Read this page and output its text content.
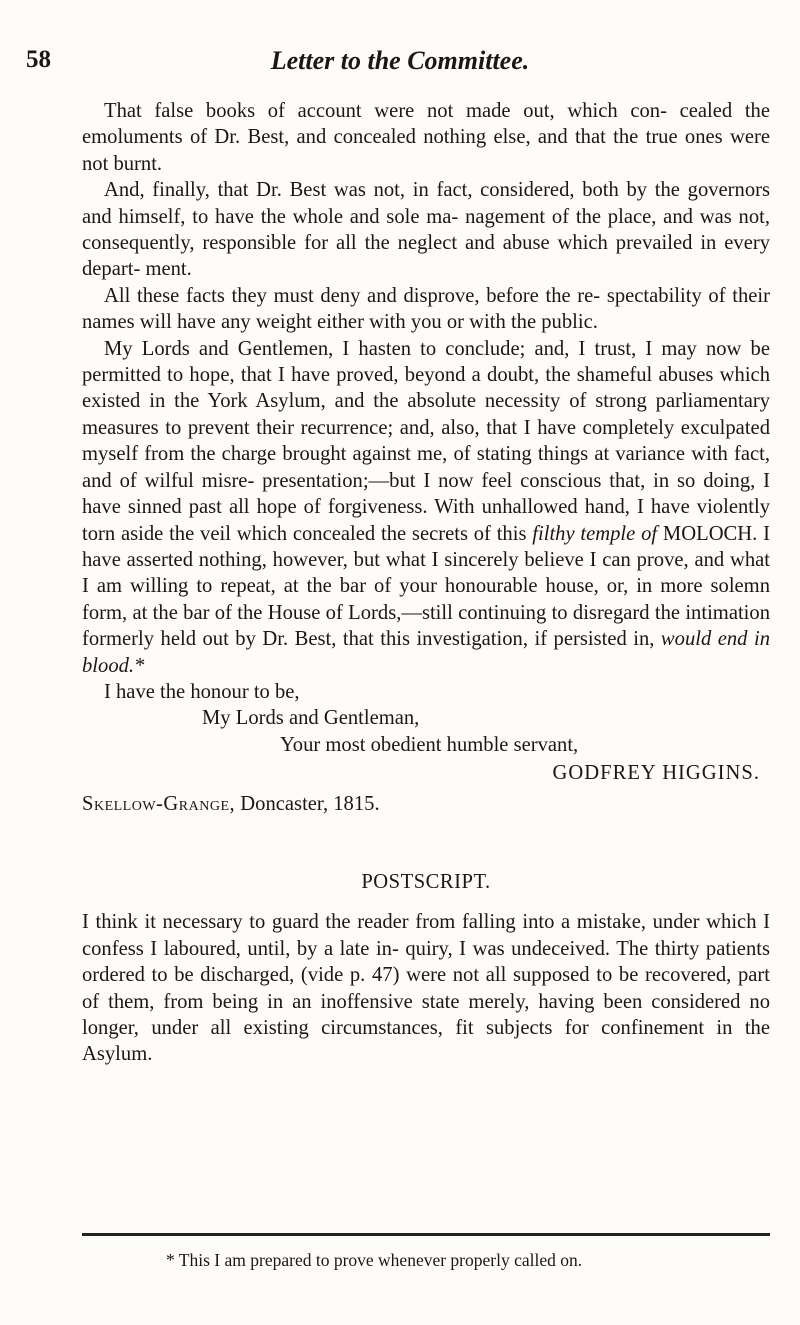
58	Letter to the Committee.

That false books of account were not made out, which con- cealed the emoluments of Dr. Best, and concealed nothing else, and that the true ones were not burnt.

And, finally, that Dr. Best was not, in fact, considered, both by the governors and himself, to have the whole and sole ma- nagement of the place, and was not, consequently, responsible for all the neglect and abuse which prevailed in every depart- ment.

All these facts they must deny and disprove, before the re- spectability of their names will have any weight either with you or with the public.

My Lords and Gentlemen, I hasten to conclude; and, I trust, I may now be permitted to hope, that I have proved, beyond a doubt, the shameful abuses which existed in the York Asylum, and the absolute necessity of strong parliamentary measures to prevent their recurrence; and, also, that I have completely exculpated myself from the charge brought against me, of stating things at variance with fact, and of wilful misre- presentation;—but I now feel conscious that, in so doing, I have sinned past all hope of forgiveness. With unhallowed hand, I have violently torn aside the veil which concealed the secrets of this filthy temple of MOLOCH. I have asserted nothing, however, but what I sincerely believe I can prove, and what I am willing to repeat, at the bar of your honourable house, or, in more solemn form, at the bar of the House of Lords,—still continuing to disregard the intimation formerly held out by Dr. Best, that this investigation, if persisted in, would end in blood.*

I have the honour to be,

My Lords and Gentleman,

Your most obedient humble servant,

GODFREY HIGGINS.

Skellow-Grange, Doncaster, 1815.

POSTSCRIPT.

I think it necessary to guard the reader from falling into a mistake, under which I confess I laboured, until, by a late in- quiry, I was undeceived. The thirty patients ordered to be discharged, (vide p. 47) were not all supposed to be recovered, part of them, from being in an inoffensive state merely, having been considered no longer, under all existing circumstances, fit subjects for confinement in the Asylum.

* This I am prepared to prove whenever properly called on.
